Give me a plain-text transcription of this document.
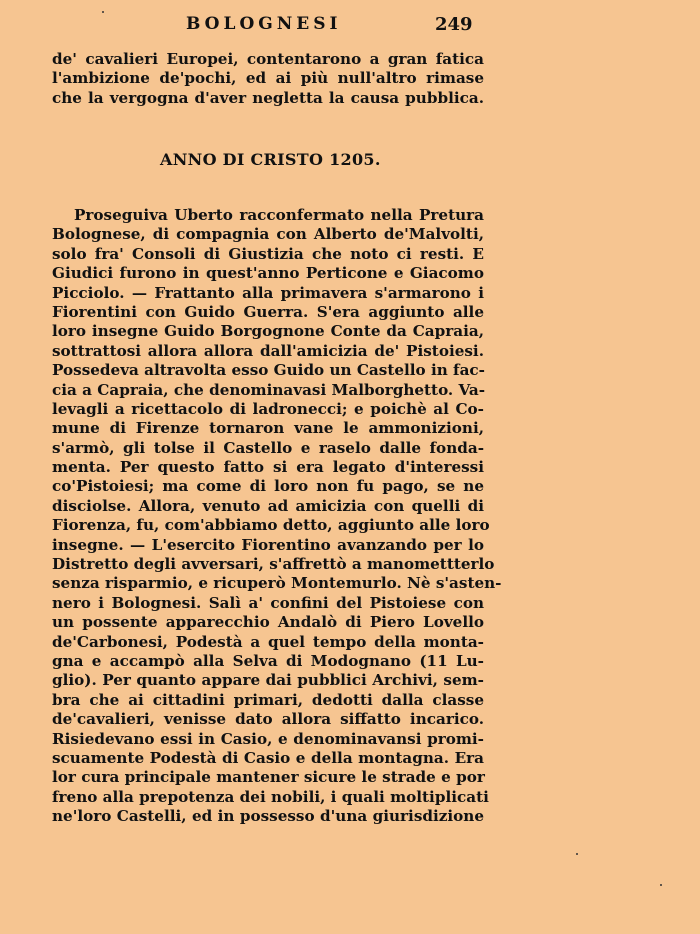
BOLOGNESI	249
de' cavalieri Europei, contentarono a gran fatica
l'ambizione de'pochi, ed ai più null'altro rimase
che la vergogna d'aver negletta la causa pubblica.
ANNO DI CRISTO 1205.
Proseguiva Uberto racconfermato nella Pretura
Bolognese, di compagnia con Alberto de'Malvolti,
solo fra' Consoli di Giustizia che noto ci resti. E
Giudici furono in quest'anno Perticone e Giacomo
Picciolo. — Frattanto alla primavera s'armarono i
Fiorentini con Guido Guerra. S'era aggiunto alle
loro insegne Guido Borgognone Conte da Capraia,
sottrattosi allora allora dall'amicizia de' Pistoiesi.
Possedeva altravolta esso Guido un Castello in fac-
cia a Capraia, che denominavasi Malborghetto. Va-
levagli a ricettacolo di ladronecci; e poichè al Co-
mune di Firenze tornaron vane le ammonizioni,
s'armò, gli tolse il Castello e raselo dalle fonda-
menta. Per questo fatto si era legato d'interessi
co'Pistoiesi; ma come di loro non fu pago, se ne
disciolse. Allora, venuto ad amicizia con quelli di
Fiorenza, fu, com'abbiamo detto, aggiunto alle loro
insegne. — L'esercito Fiorentino avanzando per lo
Distretto degli avversari, s'affrettò a manomettterlo
senza risparmio, e ricuperò Montemurlo. Nè s'asten-
nero i Bolognesi. Salì a' confini del Pistoiese con
un possente apparecchio Andalò di Piero Lovello
de'Carbonesi, Podestà a quel tempo della monta-
gna e accampò alla Selva di Modognano (11 Lu-
glio). Per quanto appare dai pubblici Archivi, sem-
bra che ai cittadini primari, dedotti dalla classe
de'cavalieri, venisse dato allora siffatto incarico.
Risiedevano essi in Casio, e denominavansi promi-
scuamente Podestà di Casio e della montagna. Era
lor cura principale mantener sicure le strade e por
freno alla prepotenza dei nobili, i quali moltiplicati
ne'loro Castelli, ed in possesso d'una giurisdizione
